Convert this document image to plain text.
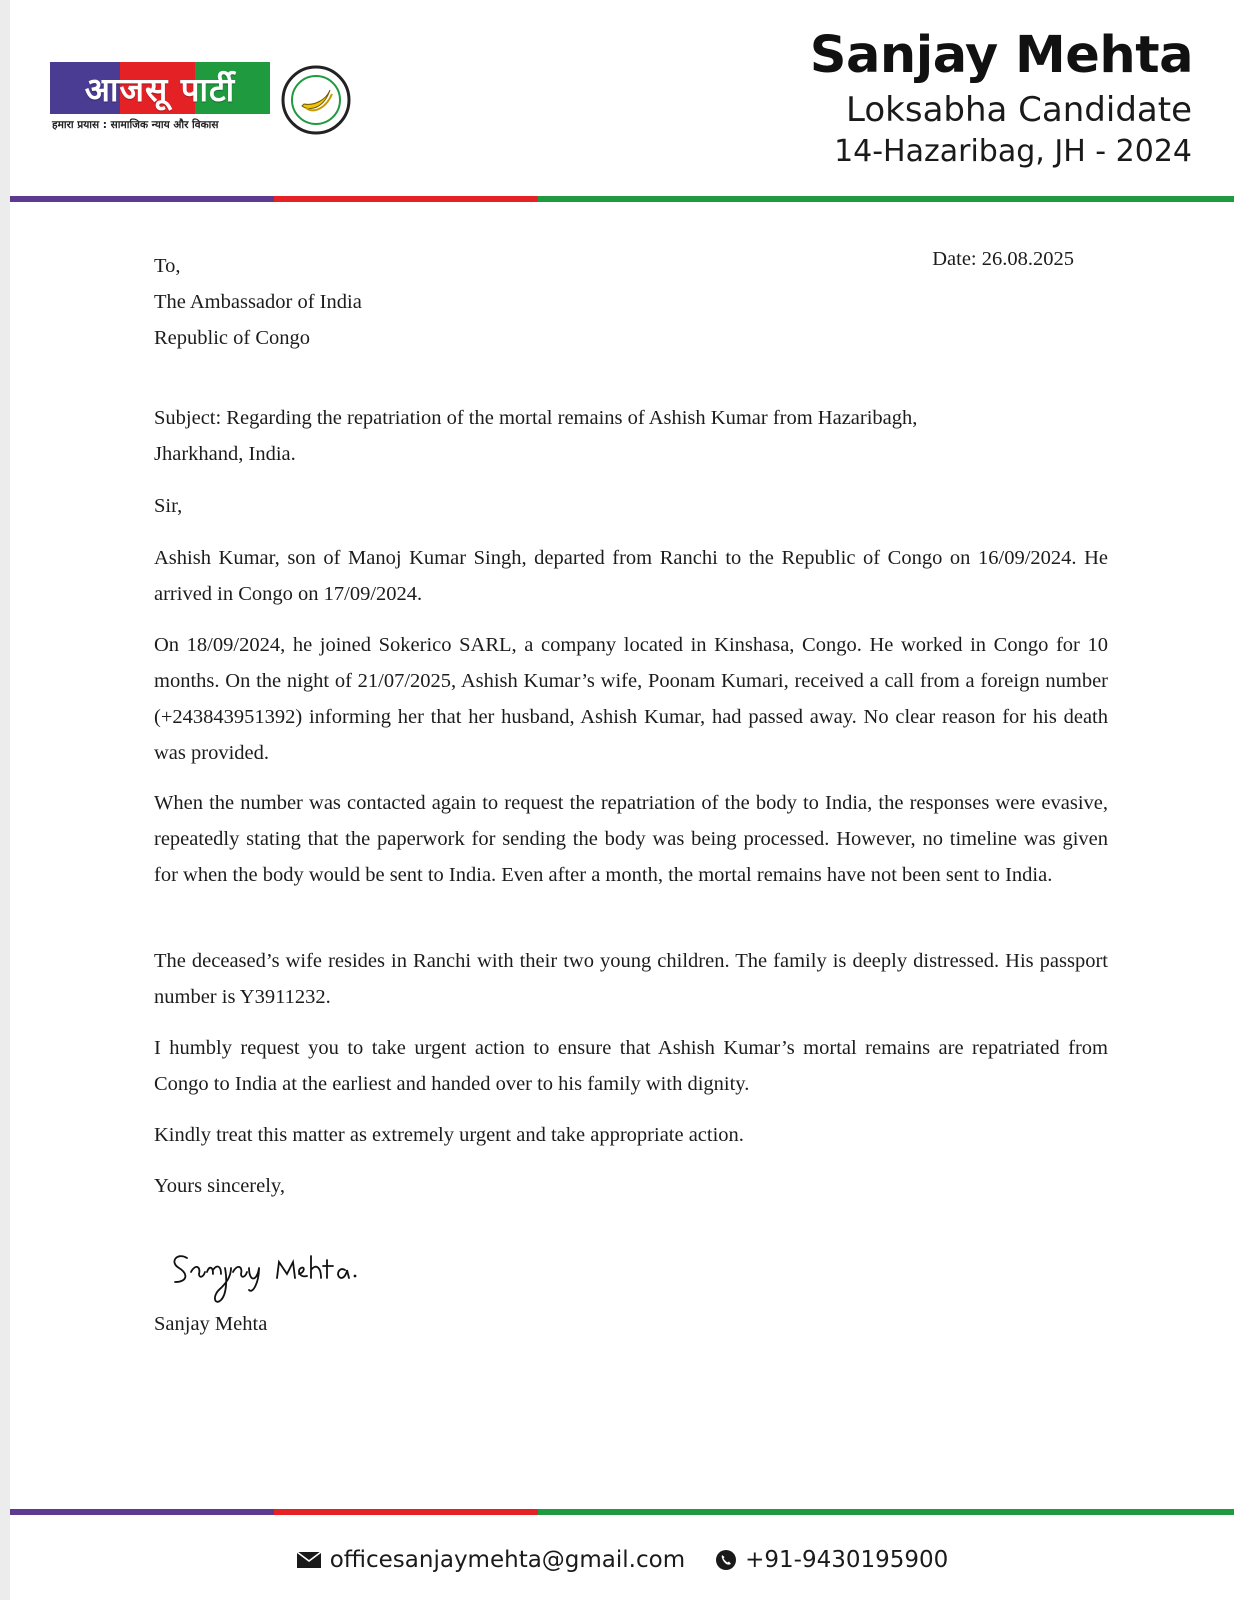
आजसू पार्टी
हमारा प्रयास : सामाजिक न्याय और विकास
Sanjay Mehta
Loksabha Candidate
14-Hazaribag, JH - 2024
To,
The Ambassador of India
Republic of Congo
Date: 26.08.2025
Subject: Regarding the repatriation of the mortal remains of Ashish Kumar from Hazaribagh,
Jharkhand, India.
Sir,
Ashish Kumar, son of Manoj Kumar Singh, departed from Ranchi to the Republic of Congo on 16/09/2024. He arrived in Congo on 17/09/2024.
On 18/09/2024, he joined Sokerico SARL, a company located in Kinshasa, Congo. He worked in Congo for 10 months. On the night of 21/07/2025, Ashish Kumar’s wife, Poonam Kumari, received a call from a foreign number (+243843951392) informing her that her husband, Ashish Kumar, had passed away. No clear reason for his death was provided.
When the number was contacted again to request the repatriation of the body to India, the responses were evasive, repeatedly stating that the paperwork for sending the body was being processed. However, no timeline was given for when the body would be sent to India. Even after a month, the mortal remains have not been sent to India.
The deceased’s wife resides in Ranchi with their two young children. The family is deeply distressed. His passport number is Y3911232.
I humbly request you to take urgent action to ensure that Ashish Kumar’s mortal remains are repatriated from Congo to India at the earliest and handed over to his family with dignity.
Kindly treat this matter as extremely urgent and take appropriate action.
Yours sincerely,
Sanjay Mehta
officesanjaymehta@gmail.com	+91-9430195900
